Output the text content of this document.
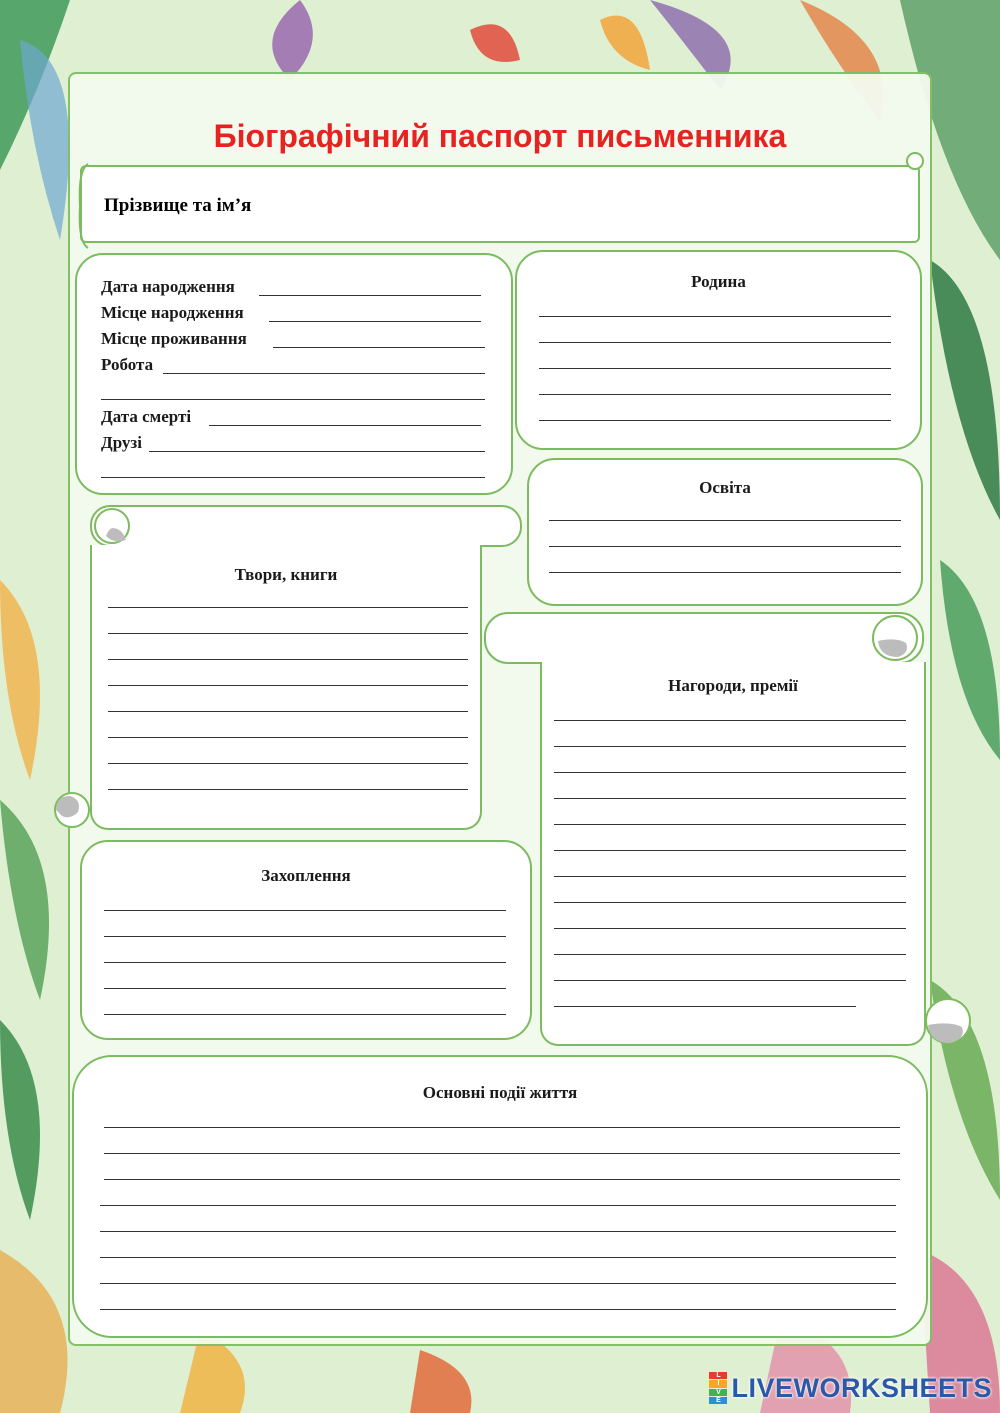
Біографічний паспорт письменника
Прізвище та ім’я
Дата народження
Місце народження
Місце проживання
Робота
Дата смерті
Друзі
Родина
Освіта
Твори, книги
Нагороди, премії
Захоплення
Основні події життя
L
I
V
E LIVEWORKSHEETS
